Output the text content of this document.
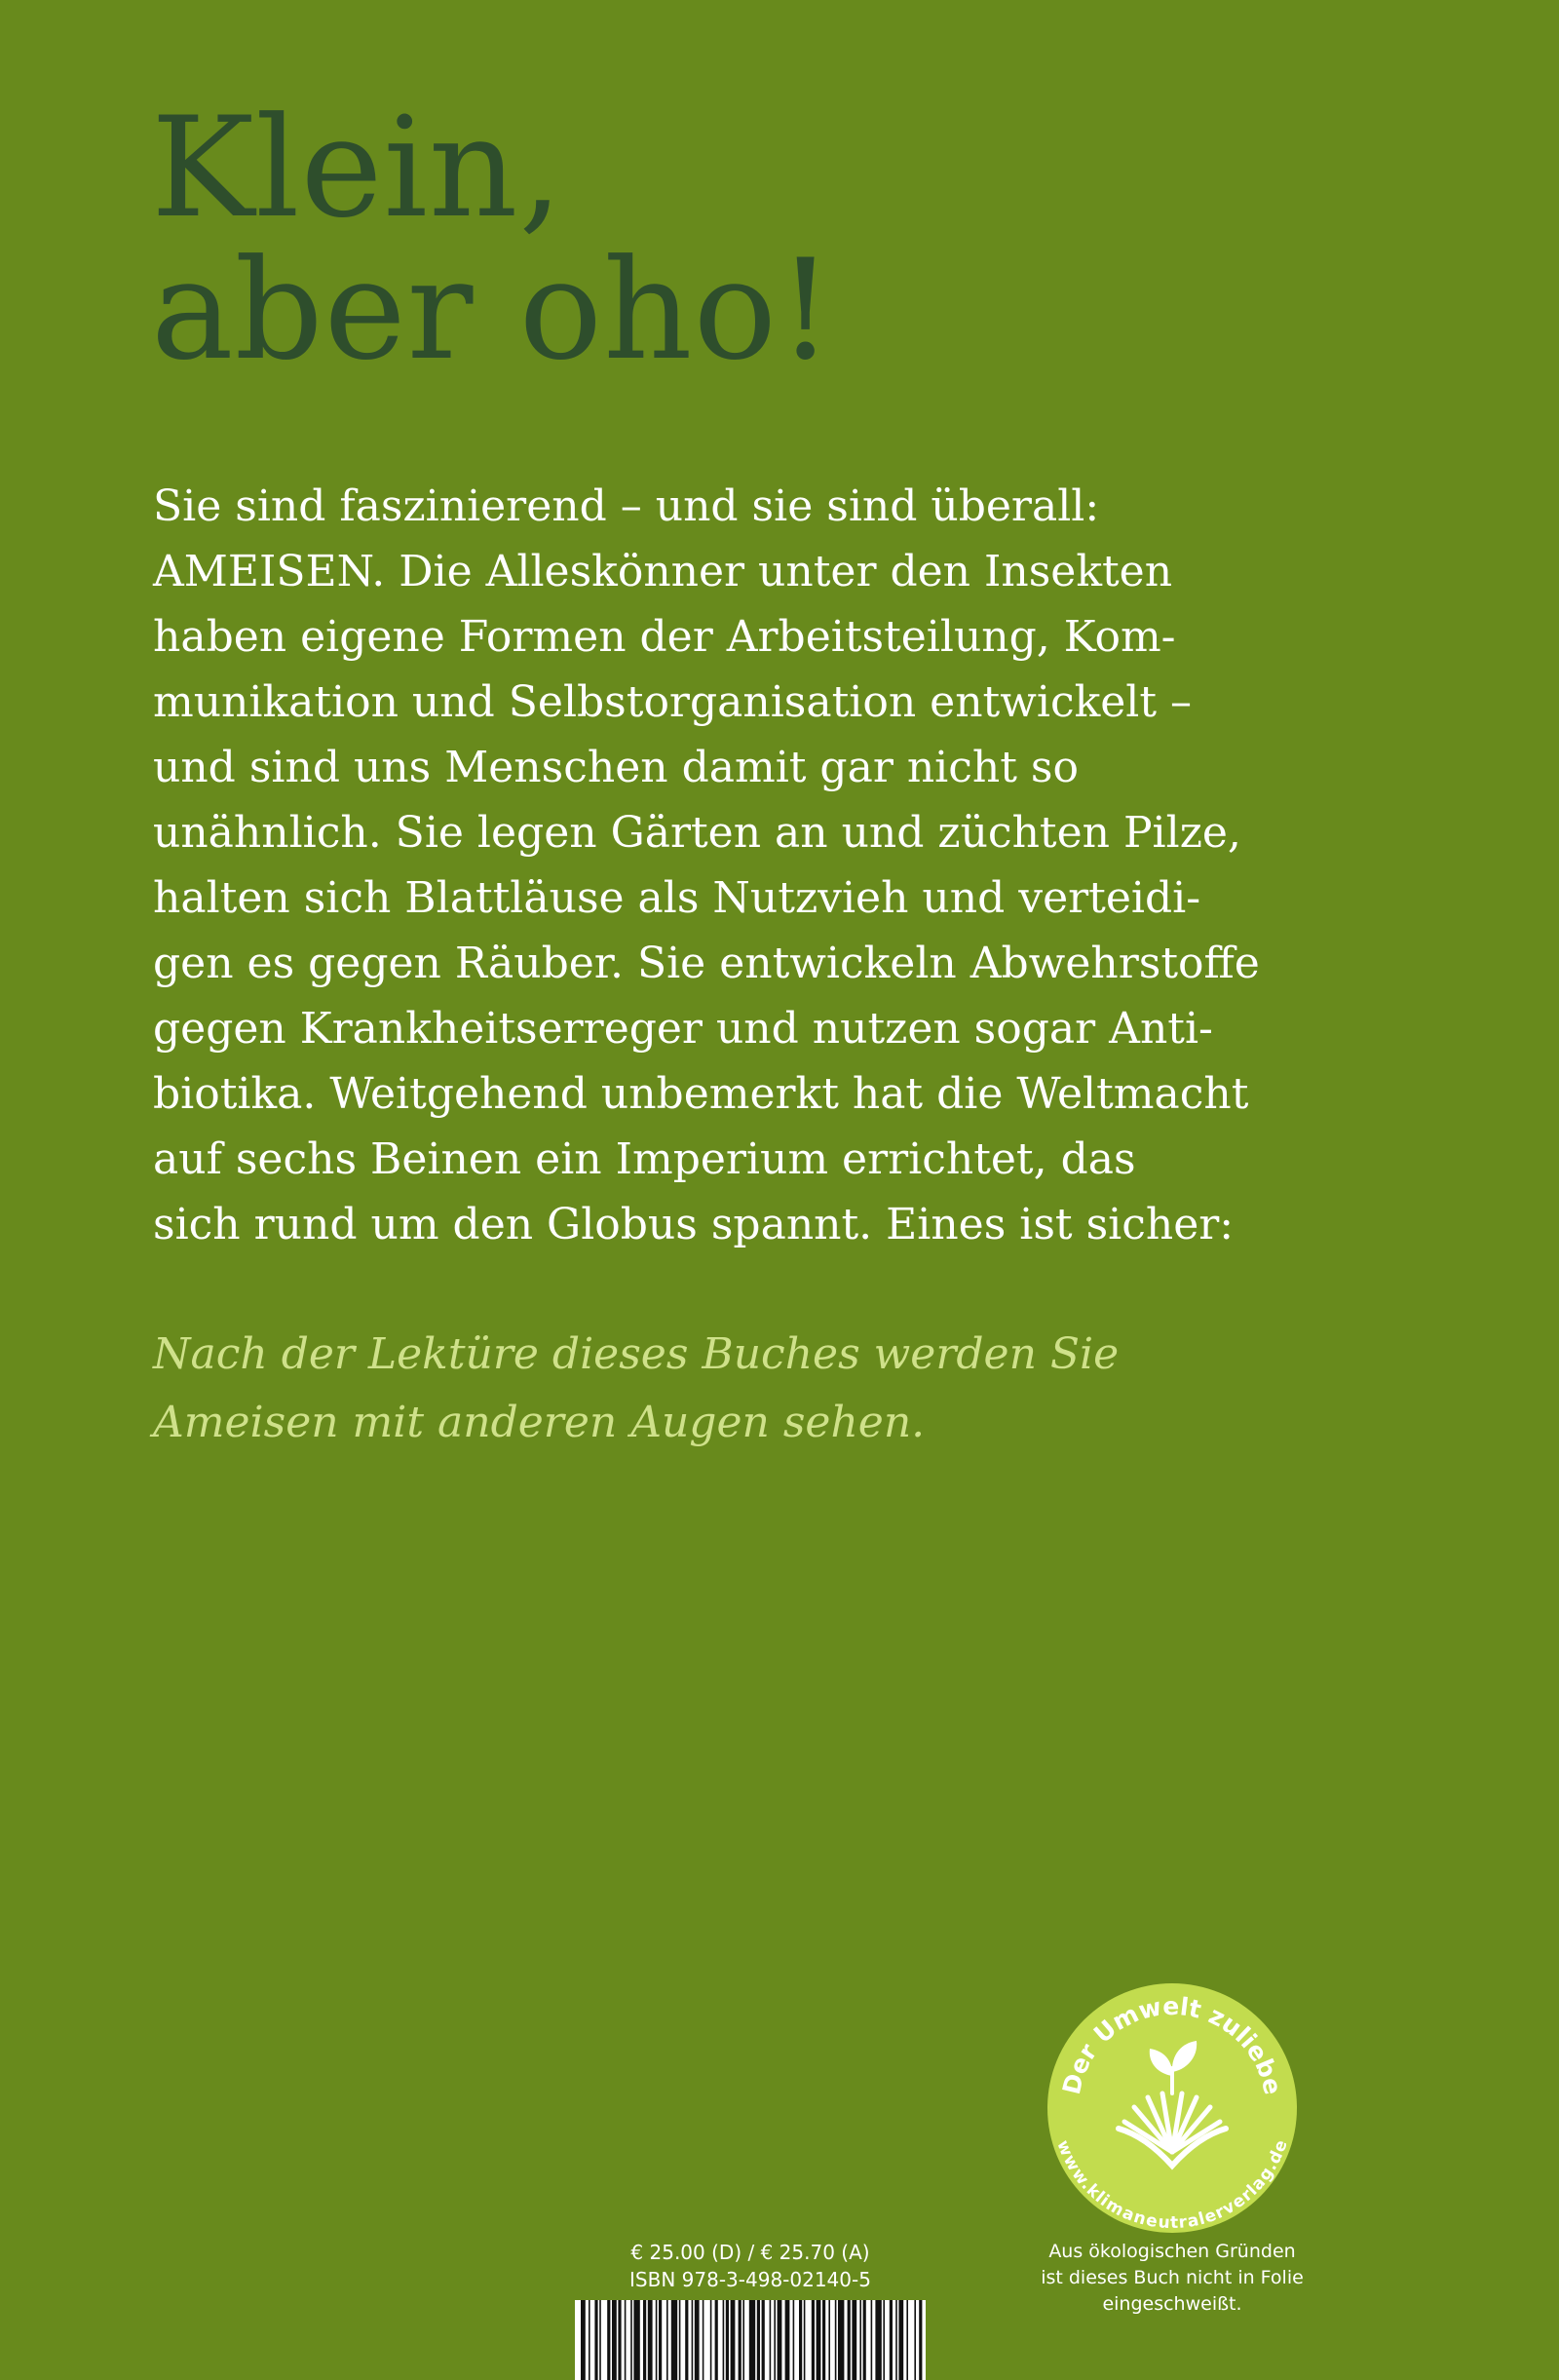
Klein,
aber oho!
Sie sind faszinierend – und sie sind überall:
AMEISEN. Die Alleskönner unter den Insekten
haben eigene Formen der Arbeitsteilung, Kom-
munikation und Selbstorganisation entwickelt –
und sind uns Menschen damit gar nicht so
unähnlich. Sie legen Gärten an und züchten Pilze,
halten sich Blattläuse als Nutzvieh und verteidi-
gen es gegen Räuber. Sie entwickeln Abwehrstoffe
gegen Krankheitserreger und nutzen sogar Anti-
biotika. Weitgehend unbemerkt hat die Weltmacht
auf sechs Beinen ein Imperium errichtet, das
sich rund um den Globus spannt. Eines ist sicher:
Nach der Lektüre dieses Buches werden Sie
Ameisen mit anderen Augen sehen.
Der Umwelt zuliebe
www.klimaneutralerverlag.de
Aus ökologischen Gründen
ist dieses Buch nicht in Folie
eingeschweißt.
€ 25.00 (D) / € 25.70 (A)
ISBN 978-3-498-02140-5
